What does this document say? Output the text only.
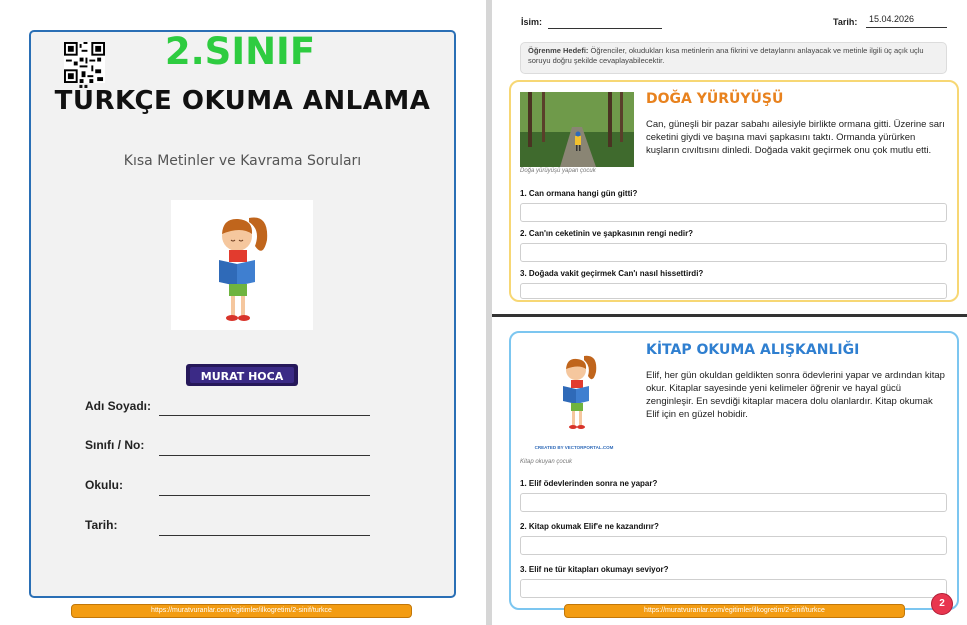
2.SINIF
TÜRKÇE OKUMA ANLAMA
Kısa Metinler ve Kavrama Soruları
MURAT HOCA
Adı Soyadı:
Sınıfı / No:
Okulu:
Tarih:
https://muratvuranlar.com/egitimler/ilkogretim/2-sinif/turkce
İsim:	Tarih: 15.04.2026
Öğrenme Hedefi: Öğrenciler, okudukları kısa metinlerin ana fikrini ve detaylarını anlayacak ve metinle ilgili üç açık uçlu soruyu doğru şekilde cevaplayabilecektir.
Doğa yürüyüşü yapan çocuk
DOĞA YÜRÜYÜŞÜ
Can, güneşli bir pazar sabahı ailesiyle birlikte ormana gitti. Üzerine sarı ceketini giydi ve başına mavi şapkasını taktı. Ormanda yürürken kuşların cıvıltısını dinledi. Doğada vakit geçirmek onu çok mutlu etti.
1. Can ormana hangi gün gitti?
2. Can'ın ceketinin ve şapkasının rengi nedir?
3. Doğada vakit geçirmek Can'ı nasıl hissettirdi?
CREATED BY VECTORPORTAL.COM
Kitap okuyan çocuk
KİTAP OKUMA ALIŞKANLIĞI
Elif, her gün okuldan geldikten sonra ödevlerini yapar ve ardından kitap okur. Kitaplar sayesinde yeni kelimeler öğrenir ve hayal gücü zenginleşir. En sevdiği kitaplar macera dolu olanlardır. Kitap okumak Elif için en güzel hobidir.
1. Elif ödevlerinden sonra ne yapar?
2. Kitap okumak Elif'e ne kazandırır?
3. Elif ne tür kitapları okumayı seviyor?
https://muratvuranlar.com/egitimler/ilkogretim/2-sinif/turkce
2
